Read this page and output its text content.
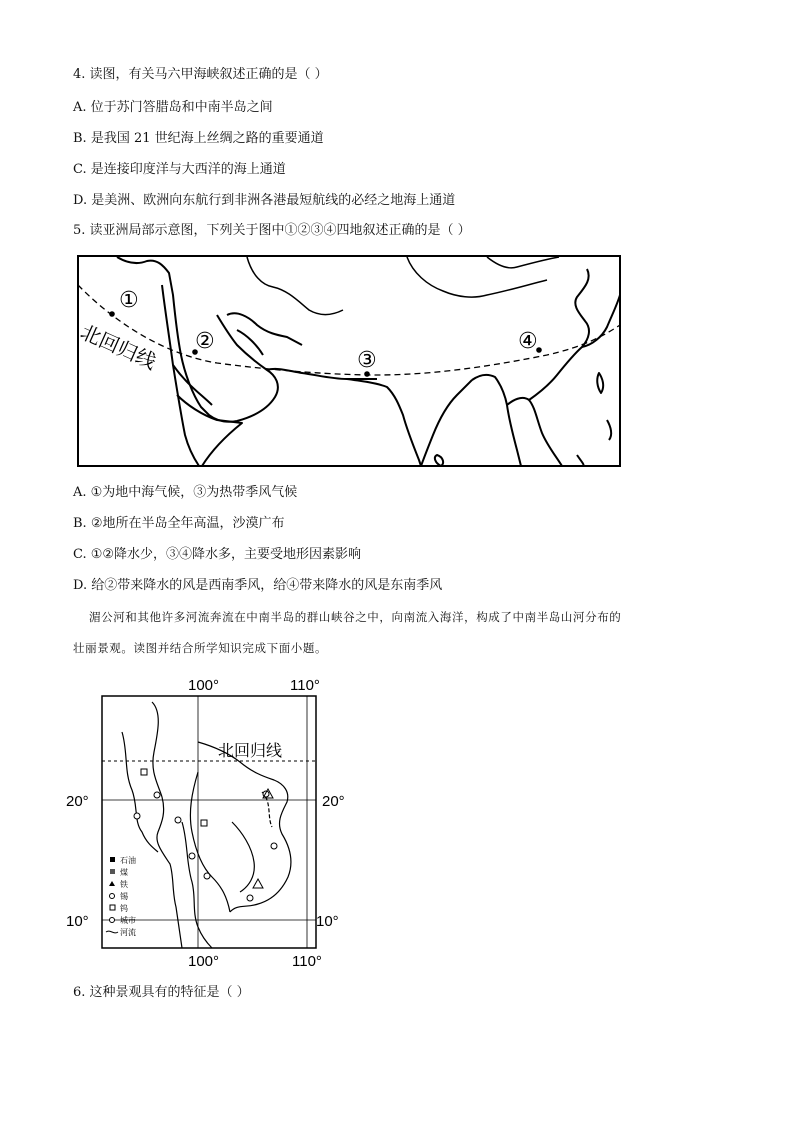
4. 读图，有关马六甲海峡叙述正确的是（ ）
A. 位于苏门答腊岛和中南半岛之间
B. 是我国 21 世纪海上丝绸之路的重要通道
C. 是连接印度洋与大西洋的海上通道
D. 是美洲、欧洲向东航行到非洲各港最短航线的必经之地海上通道
5. 读亚洲局部示意图，下列关于图中①②③④四地叙述正确的是（ ）
北回归线
①
②
③
④
A. ①为地中海气候，③为热带季风气候
B. ②地所在半岛全年高温，沙漠广布
C. ①②降水少，③④降水多，主要受地形因素影响
D. 给②带来降水的风是西南季风，给④带来降水的风是东南季风
湄公河和其他许多河流奔流在中南半岛的群山峡谷之中，向南流入海洋，构成了中南半岛山河分布的
壮丽景观。读图并结合所学知识完成下面小题。
北回归线
100°	110°
100°	110°
20°	20°
10°	10°
石油
煤
铁
锡
钨
城市
河流
6. 这种景观具有的特征是（ ）
